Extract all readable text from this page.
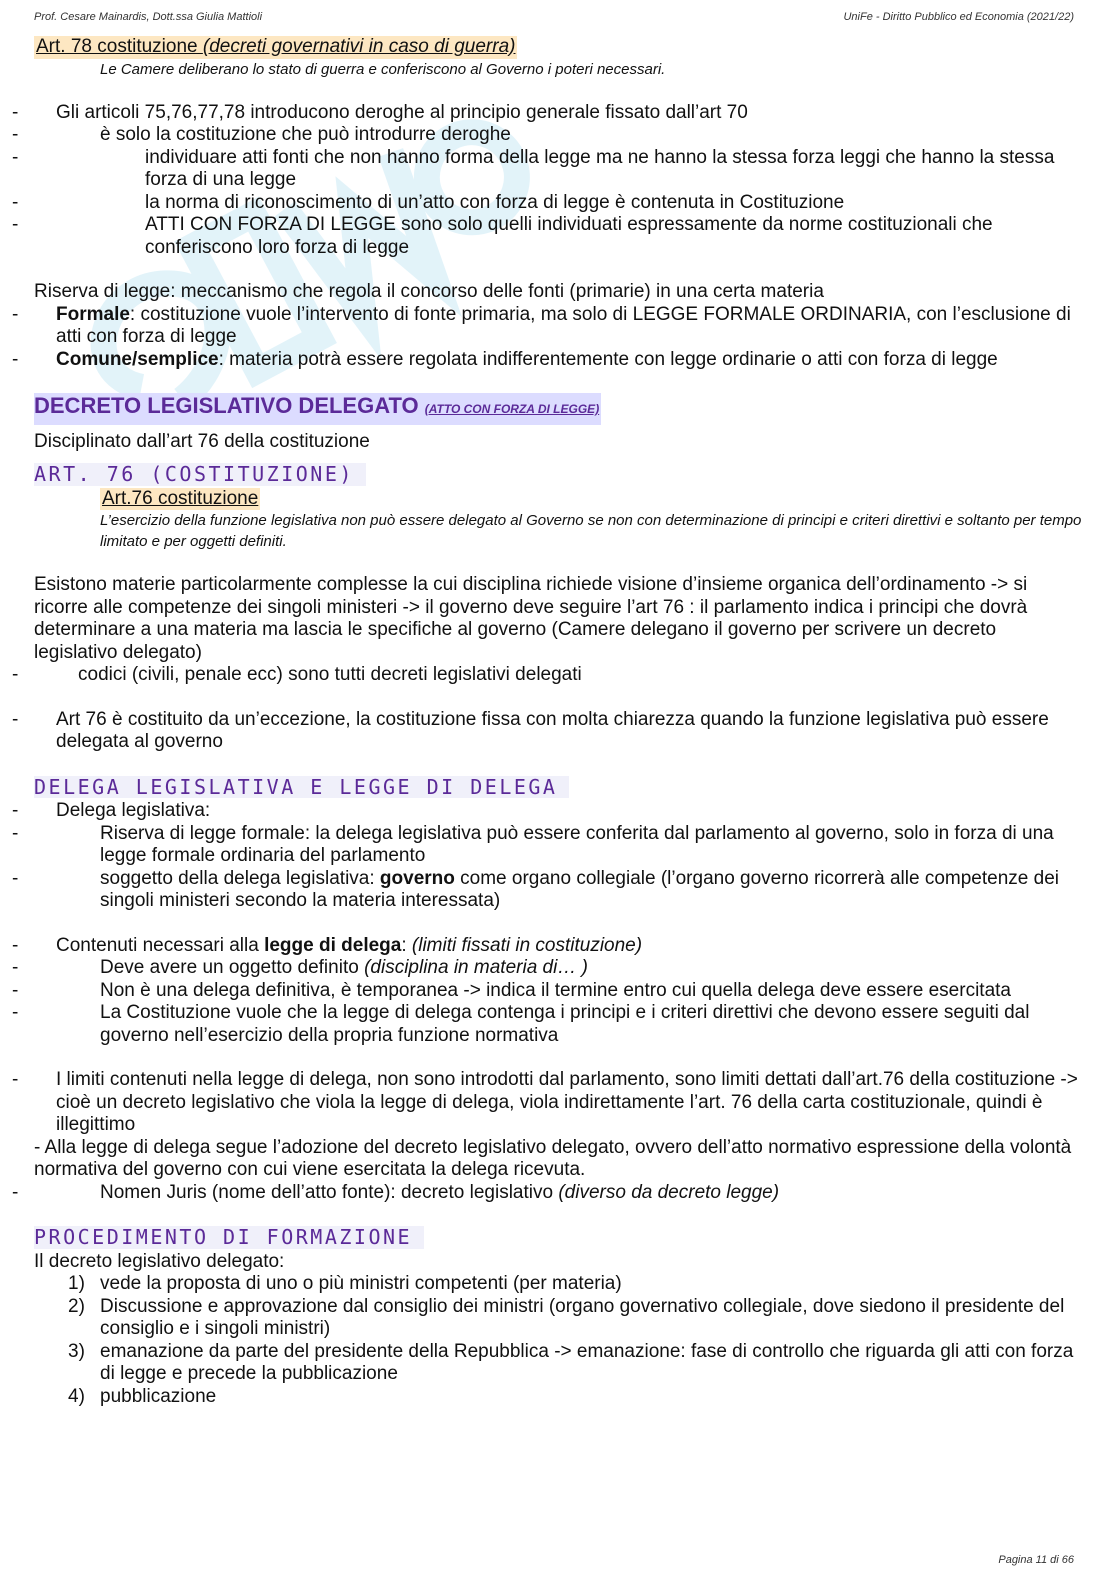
Prof. Cesare Mainardis, Dott.ssa Giulia Mattioli	UniFe - Diritto Pubblico ed Economia (2021/22)
Art. 78 costituzione (decreti governativi in caso di guerra)
Le Camere deliberano lo stato di guerra e conferiscono al Governo i poteri necessari.
- Gli articoli 75,76,77,78 introducono deroghe al principio generale fissato dall’art 70
- è solo la costituzione che può introdurre deroghe
- individuare atti fonti che non hanno forma della legge ma ne hanno la stessa forza leggi che hanno la stessa forza di una legge
- la norma di riconoscimento di un’atto con forza di legge è contenuta in Costituzione
- ATTI CON FORZA DI LEGGE sono solo quelli individuati espressamente da norme costituzionali che conferiscono loro forza di legge
Riserva di legge: meccanismo che regola il concorso delle fonti (primarie) in una certa materia
- Formale: costituzione vuole l’intervento di fonte primaria, ma solo di LEGGE FORMALE ORDINARIA, con l’esclusione di atti con forza di legge
- Comune/semplice: materia potrà essere regolata indifferentemente con legge ordinarie o atti con forza di legge
DECRETO LEGISLATIVO DELEGATO (ATTO CON FORZA DI LEGGE)
Disciplinato dall’art 76 della costituzione
ART. 76 (COSTITUZIONE)
Art.76 costituzione
L’esercizio della funzione legislativa non può essere delegato al Governo se non con determinazione di principi e criteri direttivi e soltanto per tempo limitato e per oggetti definiti.
Esistono materie particolarmente complesse la cui disciplina richiede visione d’insieme organica dell’ordinamento -> si ricorre alle competenze dei singoli ministeri -> il governo deve seguire l’art 76 : il parlamento indica i principi che dovrà determinare a una materia ma lascia le specifiche al governo (Camere delegano il governo per scrivere un decreto legislativo delegato)
- codici (civili, penale ecc) sono tutti decreti legislativi delegati
- Art 76 è costituito da un’eccezione, la costituzione fissa con molta chiarezza quando la funzione legislativa può essere delegata al governo
DELEGA LEGISLATIVA E LEGGE DI DELEGA
- Delega legislativa:
- Riserva di legge formale: la delega legislativa può essere conferita dal parlamento al governo, solo in forza di una legge formale ordinaria del parlamento
- soggetto della delega legislativa: governo come organo collegiale (l’organo governo ricorrerà alle competenze dei singoli ministeri secondo la materia interessata)
- Contenuti necessari alla legge di delega: (limiti fissati in costituzione)
- Deve avere un oggetto definito (disciplina in materia di… )
- Non è una delega definitiva, è temporanea -> indica il termine entro cui quella delega deve essere esercitata
- La Costituzione vuole che la legge di delega contenga i principi e i criteri direttivi che devono essere seguiti dal governo nell’esercizio della propria funzione normativa
- I limiti contenuti nella legge di delega, non sono introdotti dal parlamento, sono limiti dettati dall’art.76 della costituzione -> cioè un decreto legislativo che viola la legge di delega, viola indirettamente l’art. 76 della carta costituzionale, quindi è illegittimo
- Alla legge di delega segue l’adozione del decreto legislativo delegato, ovvero dell’atto normativo espressione della volontà normativa del governo con cui viene esercitata la delega ricevuta.
- Nomen Juris (nome dell’atto fonte): decreto legislativo (diverso da decreto legge)
PROCEDIMENTO DI FORMAZIONE
Il decreto legislativo delegato:
1) vede la proposta di uno o più ministri competenti (per materia)
2) Discussione e approvazione dal consiglio dei ministri (organo governativo collegiale, dove siedono il presidente del consiglio e i singoli ministri)
3) emanazione da parte del presidente della Repubblica -> emanazione: fase di controllo che riguarda gli atti con forza di legge e precede la pubblicazione
4) pubblicazione
Pagina 11 di 66
